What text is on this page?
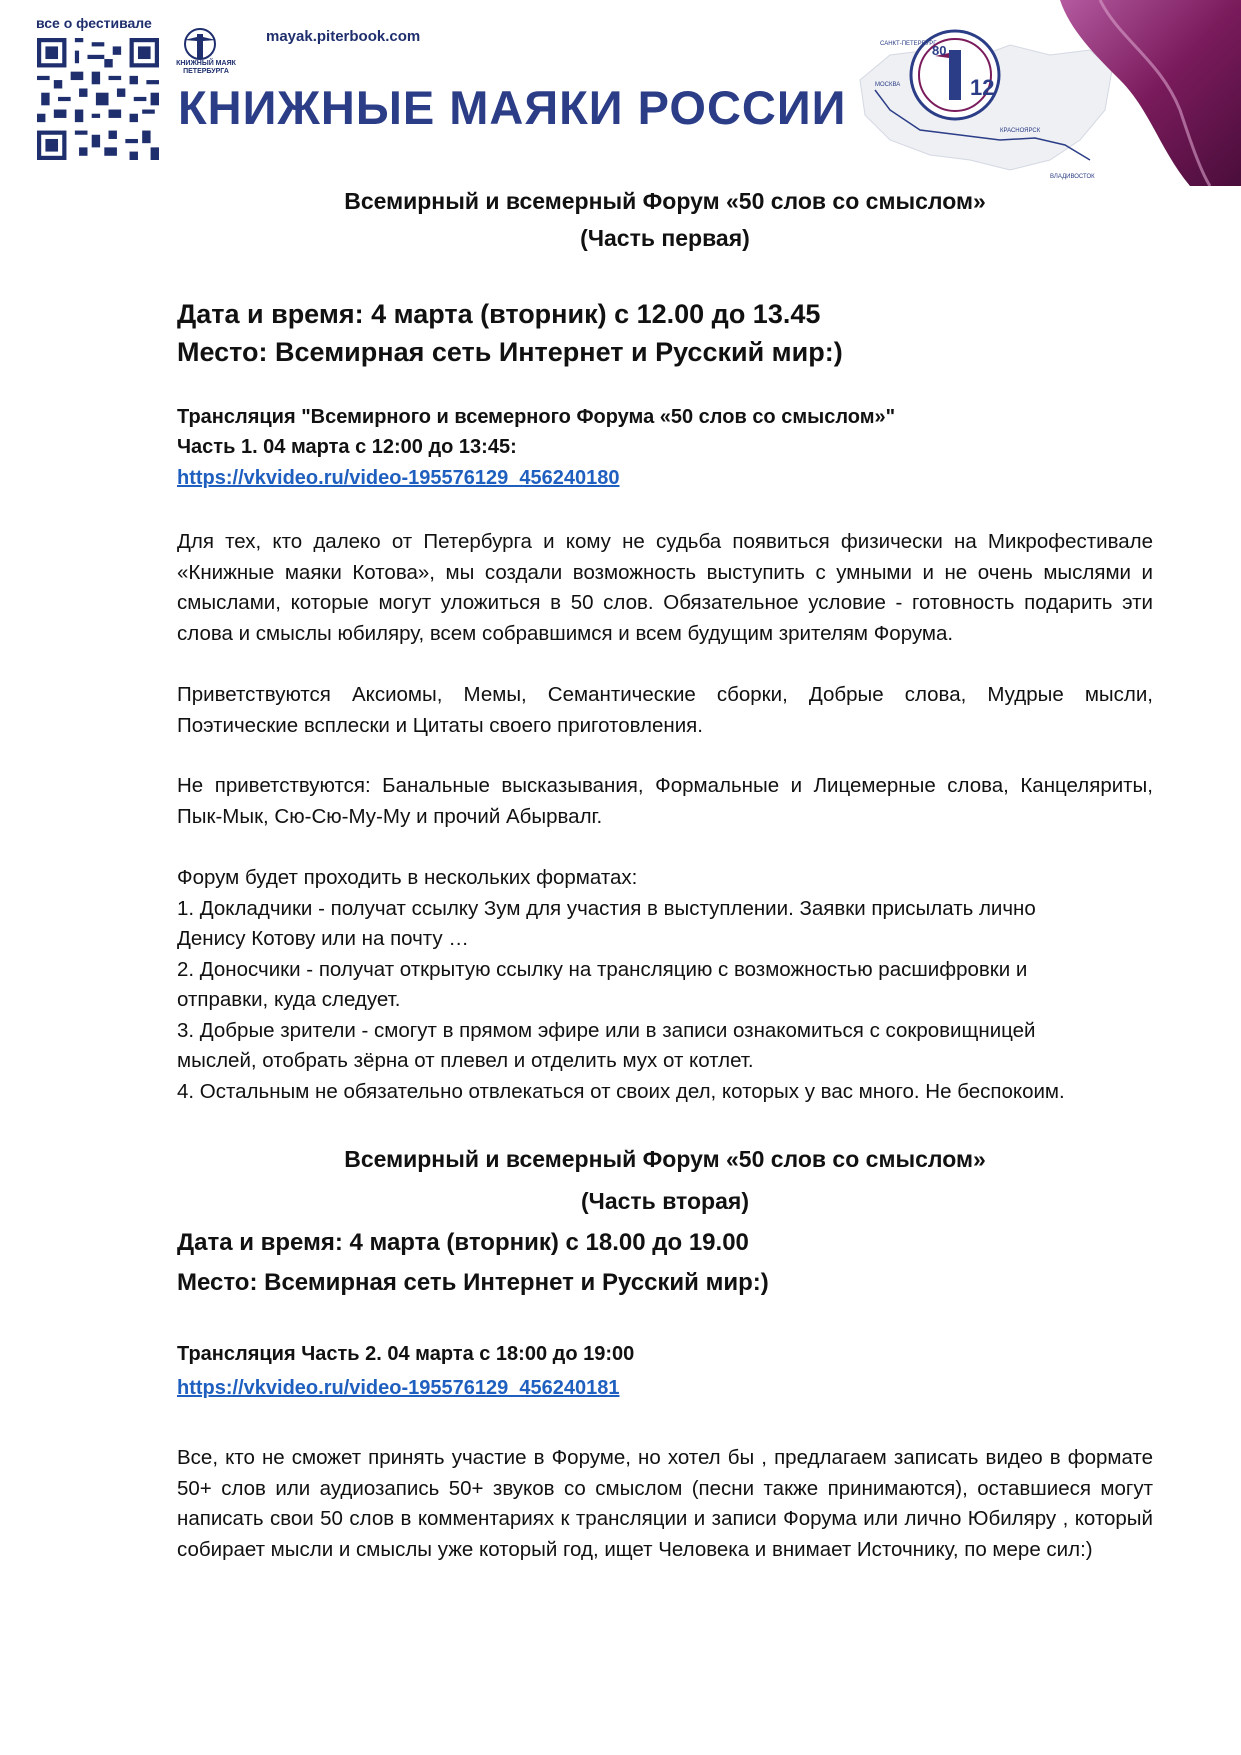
все о фестивале
КНИЖНЫЙ МАЯК ПЕТЕРБУРГА
mayak.piterbook.com
КНИЖНЫЕ МАЯКИ РОССИИ	12
80
САНКТ-ПЕТЕРБУРГ
МОСКВА
КРАСНОЯРСК
ВЛАДИВОСТОК
Всемирный и всемерный Форум «50 слов со смыслом»
(Часть первая)
Дата и время: 4 марта (вторник) с 12.00 до 13.45
Место: Всемирная сеть Интернет и Русский мир:)
Трансляция "Всемирного и всемерного Форума «50 слов со смыслом»"
Часть 1. 04 марта с 12:00 до 13:45:
https://vkvideo.ru/video-195576129_456240180
Для тех, кто далеко от Петербурга и кому не судьба появиться физически на Микрофестивале «Книжные маяки Котова», мы создали возможность выступить с умными и не очень мыслями и смыслами, которые могут уложиться в 50 слов. Обязательное условие - готовность подарить эти слова и смыслы юбиляру, всем собравшимся и всем будущим зрителям Форума.
Приветствуются Аксиомы, Мемы, Семантические сборки, Добрые слова, Мудрые мысли, Поэтические всплески и Цитаты своего приготовления.
Не приветствуются: Банальные высказывания, Формальные и Лицемерные слова, Канцеляриты, Пык-Мык, Сю-Сю-Му-Му и прочий Абырвалг.
Форум будет проходить в нескольких форматах:
1. Докладчики - получат ссылку Зум для участия в выступлении. Заявки присылать лично
Денису Котову или на почту …
2. Доносчики - получат открытую ссылку на трансляцию с возможностью расшифровки и
отправки, куда следует.
3. Добрые зрители - смогут в прямом эфире или в записи ознакомиться с сокровищницей
мыслей, отобрать зёрна от плевел и отделить мух от котлет.
4. Остальным не обязательно отвлекаться от своих дел, которых у вас много. Не беспокоим.
Всемирный и всемерный Форум «50 слов со смыслом»
(Часть вторая)
Дата и время: 4 марта (вторник) с 18.00 до 19.00
Место: Всемирная сеть Интернет и Русский мир:)
Трансляция Часть 2. 04 марта с 18:00 до 19:00
https://vkvideo.ru/video-195576129_456240181
Все, кто не сможет принять участие в Форуме, но хотел бы , предлагаем записать видео в формате 50+ слов или аудиозапись 50+ звуков со смыслом (песни также принимаются), оставшиеся могут написать свои 50 слов в комментариях к трансляции и записи Форума или лично Юбиляру , который собирает мысли и смыслы уже который год, ищет Человека и внимает Источнику, по мере сил:)
